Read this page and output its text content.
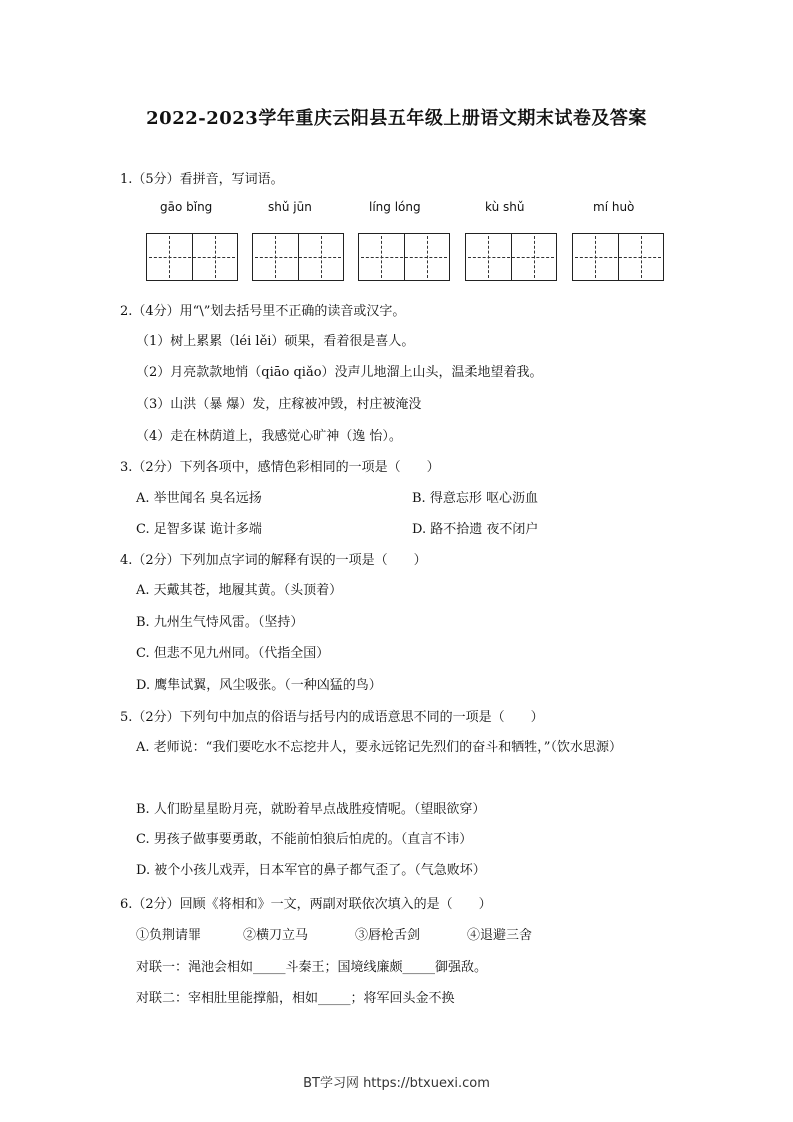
2022-2023学年重庆云阳县五年级上册语文期末试卷及答案
1.（5分）看拼音，写词语。
gāo bǐng	shǔ jūn	líng lóng	kù shǔ	mí huò
2.（4分）用“\”划去括号里不正确的读音或汉字。
（1）树上累累（léi lěi）硕果，看着很是喜人。
（2）月亮款款地悄（qiāo qiǎo）没声儿地溜上山头，温柔地望着我。
（3）山洪（暴 爆）发，庄稼被冲毁，村庄被淹没
（4）走在林荫道上，我感觉心旷神（逸 怡）。
3.（2分）下列各项中，感情色彩相同的一项是（　　）
A. 举世闻名 臭名远扬	B. 得意忘形 呕心沥血
C. 足智多谋 诡计多端	D. 路不拾遗 夜不闭户
4.（2分）下列加点字词的解释有误的一项是（　　）
A. 天戴其苍，地履其黄。（头顶着）
B. 九州生气恃风雷。（坚持）
C. 但悲不见九州同。（代指全国）
D. 鹰隼试翼，风尘吸张。（一种凶猛的鸟）
5.（2分）下列句中加点的俗语与括号内的成语意思不同的一项是（　　）
A. 老师说：“我们要吃水不忘挖井人，要永远铭记先烈们的奋斗和牺牲，”（饮水思源）
B. 人们盼星星盼月亮，就盼着早点战胜疫情呢。（望眼欲穿）
C. 男孩子做事要勇敢，不能前怕狼后怕虎的。（直言不讳）
D. 被个小孩儿戏弄，日本军官的鼻子都气歪了。（气急败坏）
6.（2分）回顾《将相和》一文，两副对联依次填入的是（　　）
①负荆请罪	②横刀立马	③唇枪舌剑	④退避三舍
对联一：渑池会相如_____斗秦王；国境线廉颇_____御强敌。
对联二：宰相肚里能撑船，相如_____；将军回头金不换
BT学习网 https://btxuexi.com
